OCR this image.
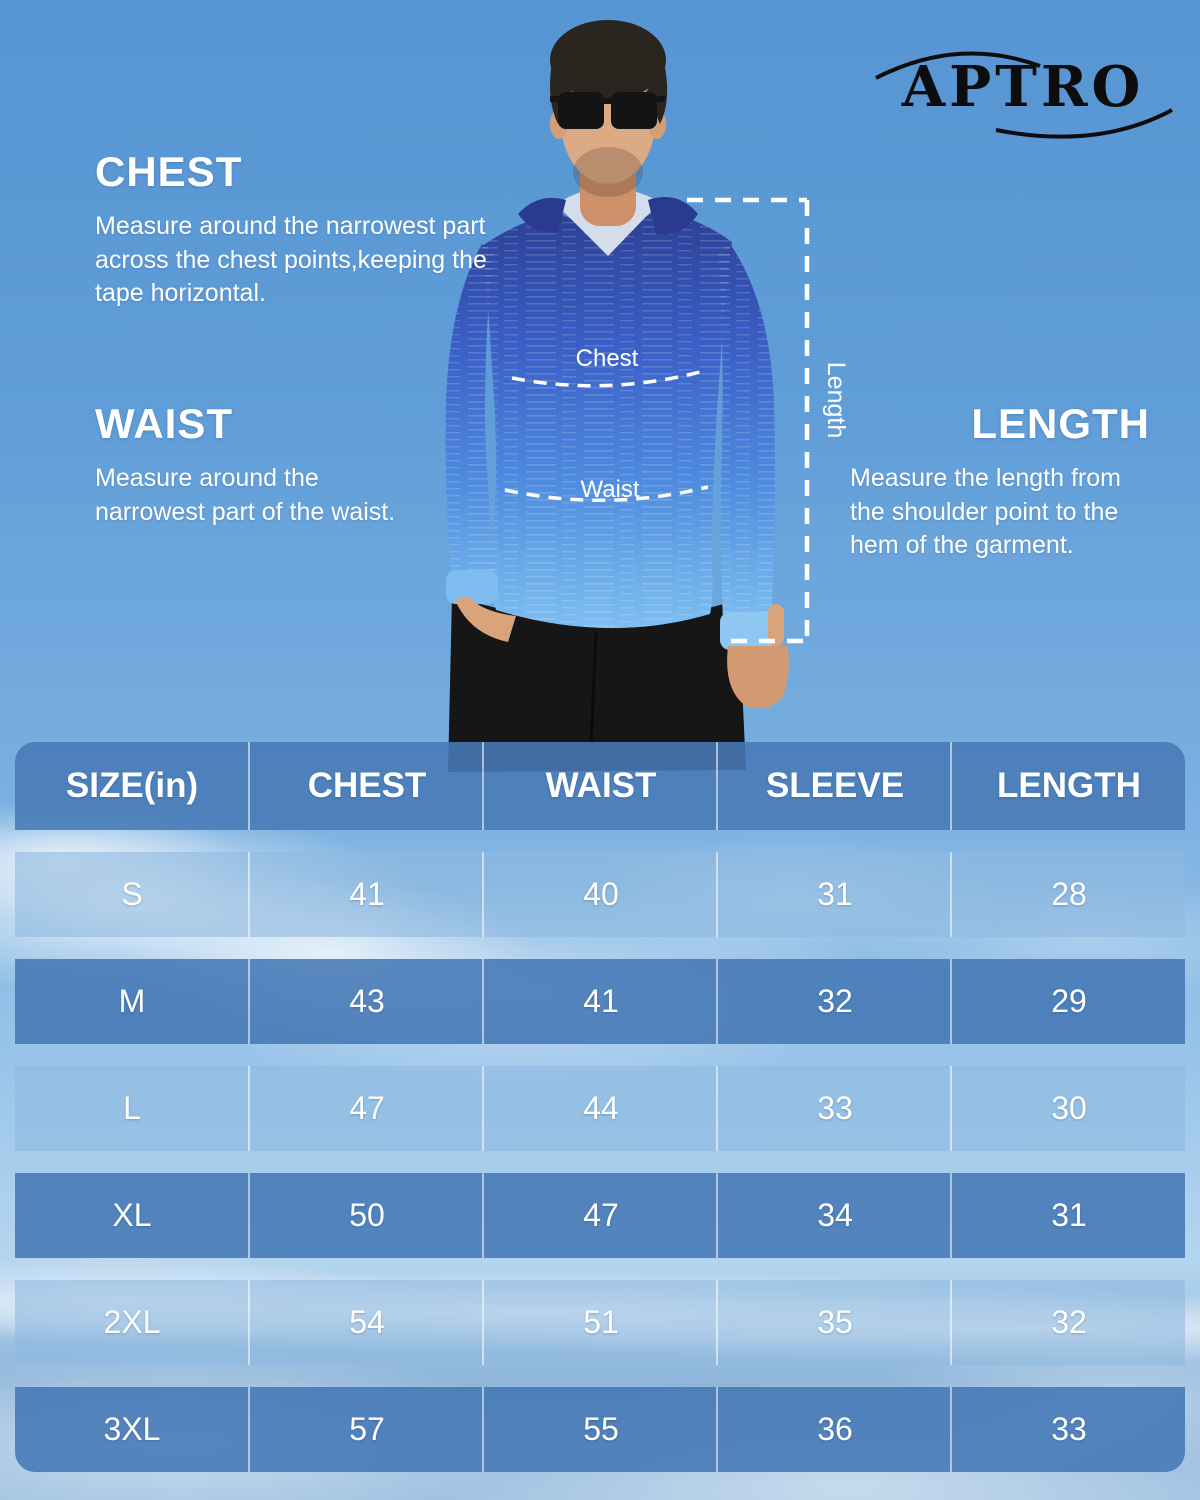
Chest
Waist
Length
APTRO
CHEST

Measure around the narrowest part across the chest points,keeping the tape horizontal.

WAIST

Measure around the narrowest part of the waist.

LENGTH

Measure the length from the shoulder point to the hem of the garment.

SIZE(in)	CHEST	WAIST	SLEEVE	LENGTH
S	41	40	31	28
M	43	41	32	29
L	47	44	33	30
XL	50	47	34	31
2XL	54	51	35	32
3XL	57	55	36	33
